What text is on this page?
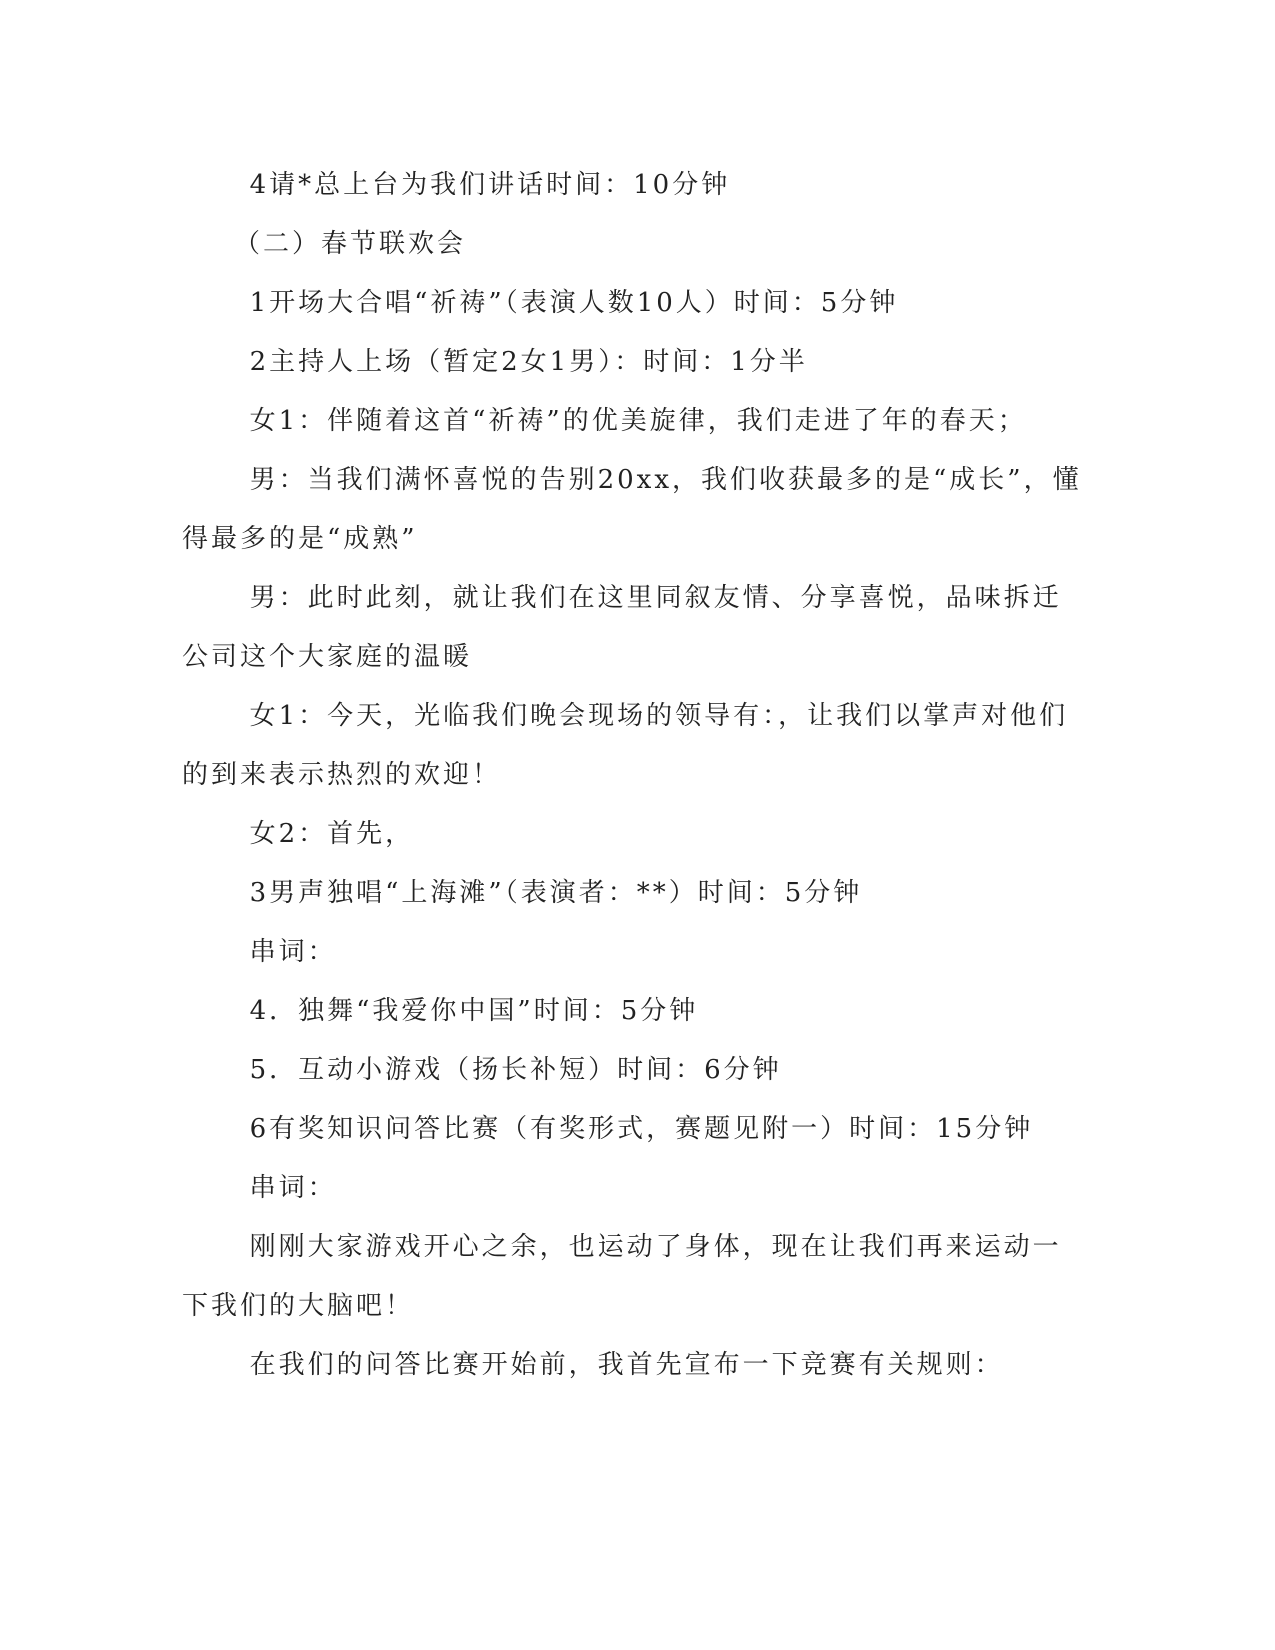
4请*总上台为我们讲话时间：10分钟

（二）春节联欢会

1开场大合唱“祈祷”（表演人数10人）时间：5分钟

2主持人上场（暂定2女1男）：时间：1分半

女1：伴随着这首“祈祷”的优美旋律，我们走进了年的春天；

男：当我们满怀喜悦的告别20xx，我们收获最多的是“成长”，懂得最多的是“成熟”

男：此时此刻，就让我们在这里同叙友情、分享喜悦，品味拆迁公司这个大家庭的温暖

女1：今天，光临我们晚会现场的领导有：，让我们以掌声对他们的到来表示热烈的欢迎！

女2：首先，

3男声独唱“上海滩”（表演者：**）时间：5分钟

串词：

4．独舞“我爱你中国”时间：5分钟

5．互动小游戏（扬长补短）时间：6分钟

6有奖知识问答比赛（有奖形式，赛题见附一）时间：15分钟

串词：

刚刚大家游戏开心之余，也运动了身体，现在让我们再来运动一下我们的大脑吧！

在我们的问答比赛开始前，我首先宣布一下竞赛有关规则：
